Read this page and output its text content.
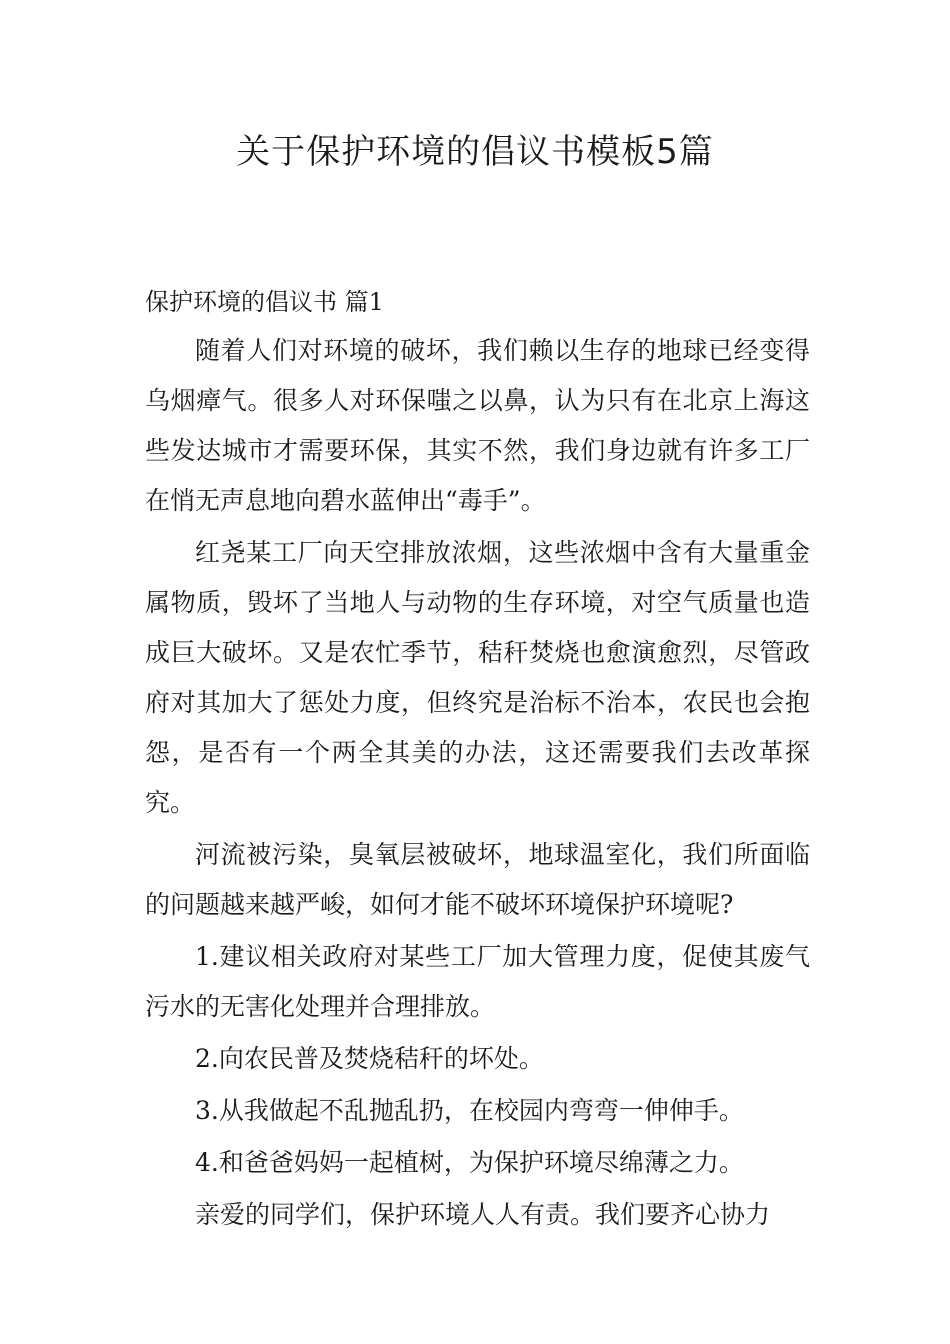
关于保护环境的倡议书模板5篇
保护环境的倡议书 篇1

随着人们对环境的破坏，我们赖以生存的地球已经变得乌烟瘴气。很多人对环保嗤之以鼻，认为只有在北京上海这些发达城市才需要环保，其实不然，我们身边就有许多工厂在悄无声息地向碧水蓝伸出“毒手”。

红尧某工厂向天空排放浓烟，这些浓烟中含有大量重金属物质，毁坏了当地人与动物的生存环境，对空气质量也造成巨大破坏。又是农忙季节，秸秆焚烧也愈演愈烈，尽管政府对其加大了惩处力度，但终究是治标不治本，农民也会抱怨，是否有一个两全其美的办法，这还需要我们去改革探究。

河流被污染，臭氧层被破坏，地球温室化，我们所面临的问题越来越严峻，如何才能不破坏环境保护环境呢?

1.建议相关政府对某些工厂加大管理力度，促使其废气污水的无害化处理并合理排放。

2.向农民普及焚烧秸秆的坏处。

3.从我做起不乱抛乱扔，在校园内弯弯一伸伸手。

4.和爸爸妈妈一起植树，为保护环境尽绵薄之力。

亲爱的同学们，保护环境人人有责。我们要齐心协力
